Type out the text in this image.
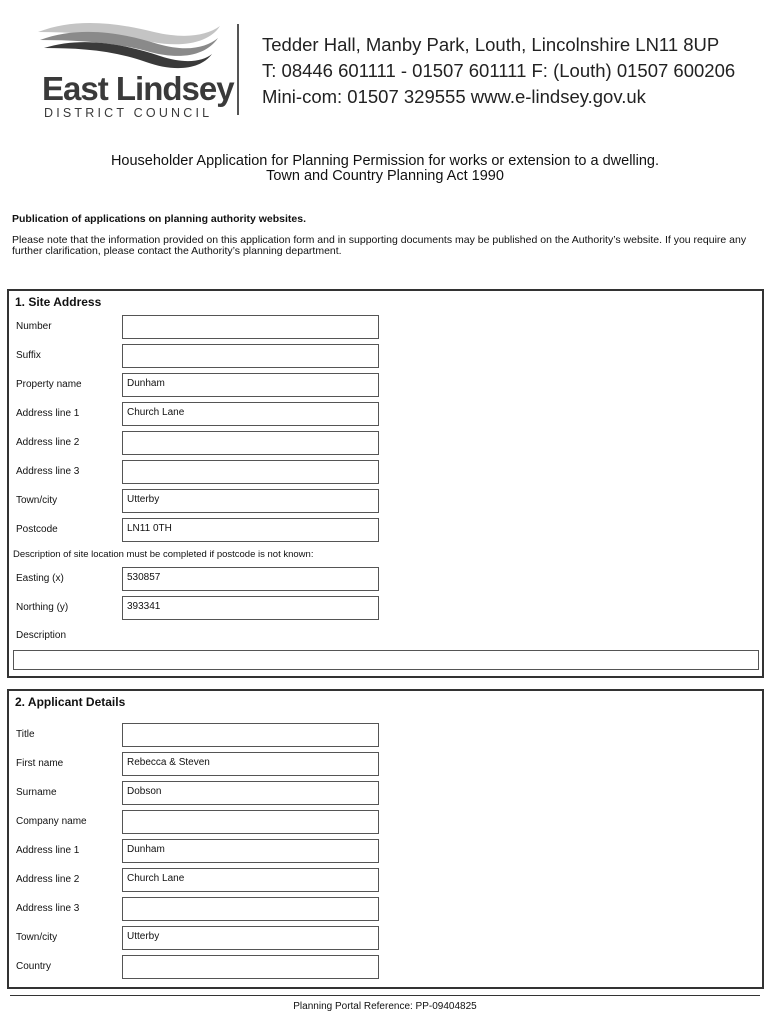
East Lindsey
DISTRICT COUNCIL
Tedder Hall, Manby Park, Louth, Lincolnshire LN11 8UP
T: 08446 601111 - 01507 601111 F: (Louth) 01507 600206
Mini-com: 01507 329555 www.e-lindsey.gov.uk
Householder Application for Planning Permission for works or extension to a dwelling.
Town and Country Planning Act 1990
Publication of applications on planning authority websites.
Please note that the information provided on this application form and in supporting documents may be published on the Authority’s website. If you require any further clarification, please contact the Authority’s planning department.
1. Site Address
Number
Suffix
Property name	Dunham
Address line 1	Church Lane
Address line 2
Address line 3
Town/city	Utterby
Postcode	LN11 0TH
Description of site location must be completed if postcode is not known:
Easting (x)	530857
Northing (y)	393341
Description
2. Applicant Details
Title
First name	Rebecca & Steven
Surname	Dobson
Company name
Address line 1	Dunham
Address line 2	Church Lane
Address line 3
Town/city	Utterby
Country
Planning Portal Reference: PP-09404825
